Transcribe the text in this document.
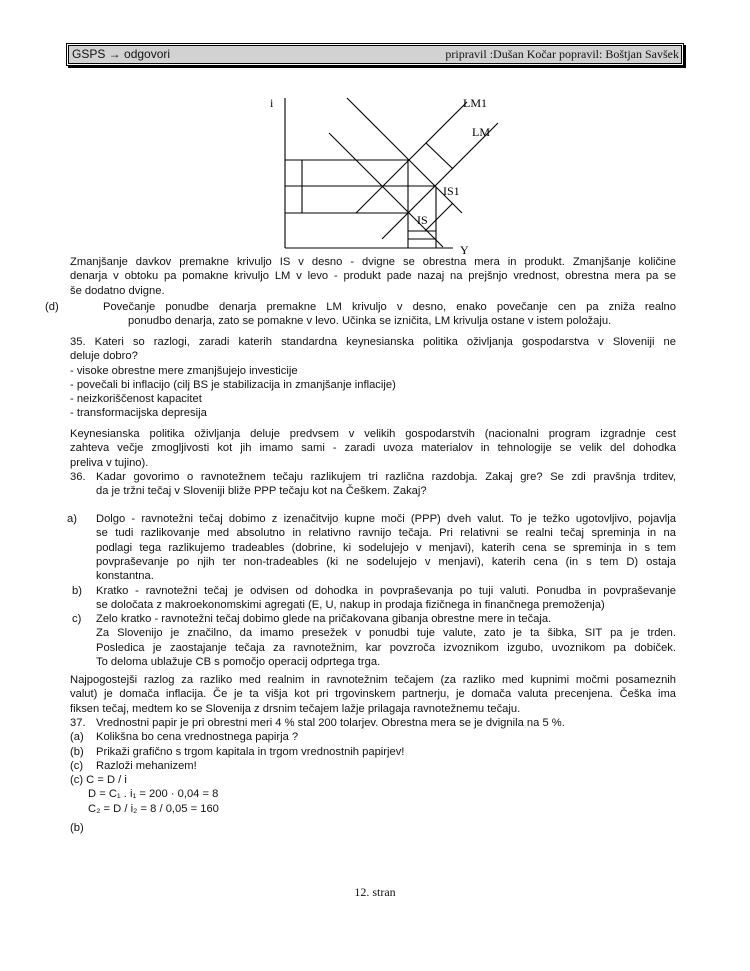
GSPS → odgovori	pripravil :Dušan Kočar popravil: Boštjan Savšek
i	LM1
LM
IS1
IS
Y
Zmanjšanje davkov premakne krivuljo IS v desno - dvigne se obrestna mera in produkt. Zmanjšanje količine
denarja v obtoku pa pomakne krivuljo LM v levo - produkt pade nazaj na prejšnjo vrednost, obrestna mera pa se
še dodatno dvigne.
(d)	Povečanje ponudbe denarja premakne LM krivuljo v desno, enako povečanje cen pa zniža realno
ponudbo denarja, zato se pomakne v levo. Učinka se izničita, LM krivulja ostane v istem položaju.
35. Kateri so razlogi, zaradi katerih standardna keynesianska politika oživljanja gospodarstva v Sloveniji ne
deluje dobro?
- visoke obrestne mere zmanjšujejo investicije
- povečali bi inflacijo (cilj BS je stabilizacija in zmanjšanje inflacije)
- neizkoriščenost kapacitet
- transformacijska depresija
Keynesianska politika oživljanja deluje predvsem v velikih gospodarstvih (nacionalni program izgradnje cest
zahteva večje zmogljivosti kot jih imamo sami - zaradi uvoza materialov in tehnologije se velik del dohodka
preliva v tujino).
36. Kadar govorimo o ravnotežnem tečaju razlikujem tri različna razdobja. Zakaj gre? Se zdi pravšnja trditev,
da je tržni tečaj v Sloveniji bliže PPP tečaju kot na Češkem. Zakaj?
a) Dolgo - ravnotežni tečaj dobimo z izenačitvijo kupne moči (PPP) dveh valut. To je težko ugotovljivo, pojavlja
se tudi razlikovanje med absolutno in relativno ravnijo tečaja. Pri relativni se realni tečaj spreminja in na
podlagi tega razlikujemo tradeables (dobrine, ki sodelujejo v menjavi), katerih cena se spreminja in s tem
povpraševanje po njih ter non-tradeables (ki ne sodelujejo v menjavi), katerih cena (in s tem D) ostaja
konstantna.
b) Kratko - ravnotežni tečaj je odvisen od dohodka in povpraševanja po tuji valuti. Ponudba in povpraševanje
se določata z makroekonomskimi agregati (E, U, nakup in prodaja fizičnega in finančnega premoženja)
c) Zelo kratko - ravnotežni tečaj dobimo glede na pričakovana gibanja obrestne mere in tečaja.
Za Slovenijo je značilno, da imamo presežek v ponudbi tuje valute, zato je ta šibka, SIT pa je trden.
Posledica je zaostajanje tečaja za ravnotežnim, kar povzroča izvoznikom izgubo, uvoznikom pa dobiček.
To deloma ublažuje CB s pomočjo operacij odprtega trga.
Najpogostejši razlog za razliko med realnim in ravnotežnim tečajem (za razliko med kupnimi močmi posameznih
valut) je domača inflacija. Če je ta višja kot pri trgovinskem partnerju, je domača valuta precenjena. Češka ima
fiksen tečaj, medtem ko se Slovenija z drsnim tečajem lažje prilagaja ravnotežnemu tečaju.
37. Vrednostni papir je pri obrestni meri 4 % stal 200 tolarjev. Obrestna mera se je dvignila na 5 %.
(a) Kolikšna bo cena vrednostnega papirja ?
(b) Prikaži grafično s trgom kapitala in trgom vrednostnih papirjev!
(c) Razloži mehanizem!
(c) C = D / i
D = C₁ . i₁ = 200 · 0,04 = 8
C₂ = D / i₂ = 8 / 0,05 = 160
(b)
12. stran
